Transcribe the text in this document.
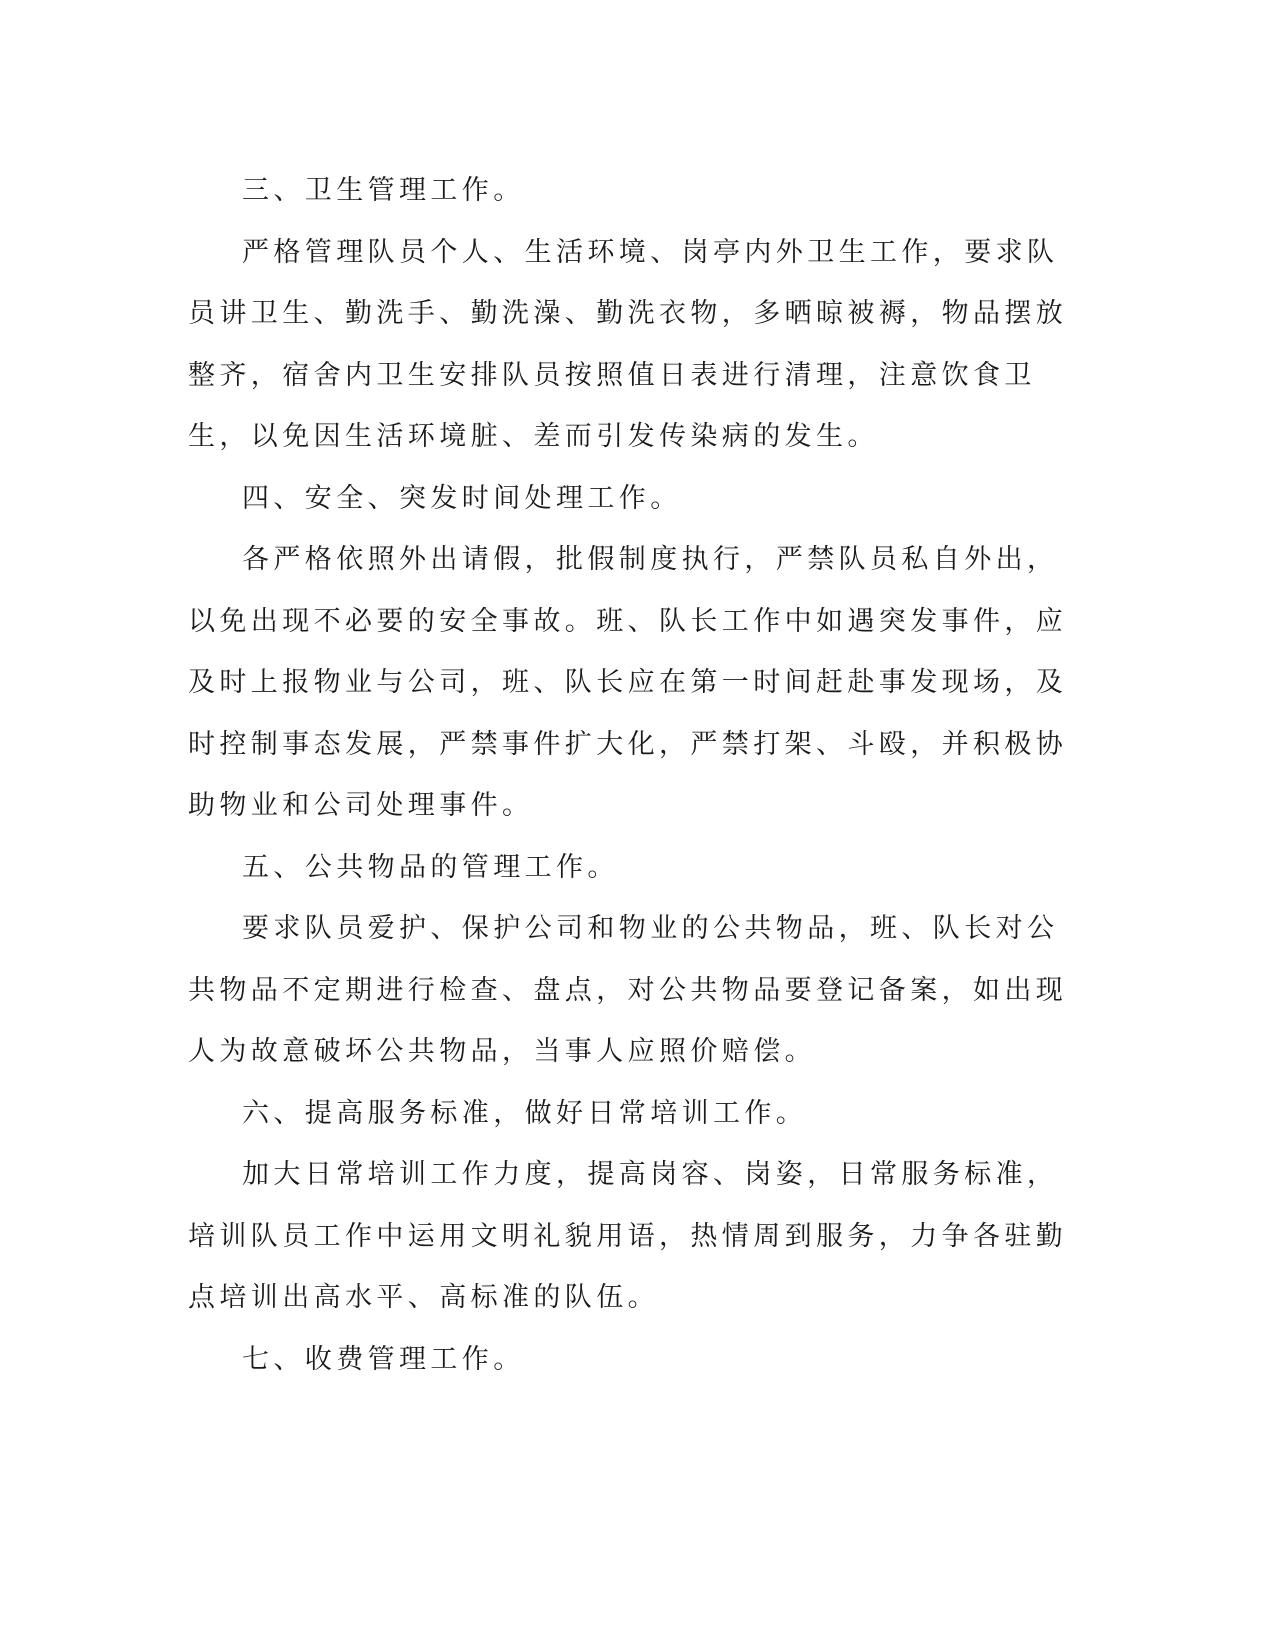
三、卫生管理工作。

严格管理队员个人、生活环境、岗亭内外卫生工作，要求队员讲卫生、勤洗手、勤洗澡、勤洗衣物，多晒晾被褥，物品摆放整齐，宿舍内卫生安排队员按照值日表进行清理，注意饮食卫生，以免因生活环境脏、差而引发传染病的发生。

四、安全、突发时间处理工作。

各严格依照外出请假，批假制度执行，严禁队员私自外出，以免出现不必要的安全事故。班、队长工作中如遇突发事件，应及时上报物业与公司，班、队长应在第一时间赶赴事发现场，及时控制事态发展，严禁事件扩大化，严禁打架、斗殴，并积极协助物业和公司处理事件。

五、公共物品的管理工作。

要求队员爱护、保护公司和物业的公共物品，班、队长对公共物品不定期进行检查、盘点，对公共物品要登记备案，如出现人为故意破坏公共物品，当事人应照价赔偿。

六、提高服务标准，做好日常培训工作。

加大日常培训工作力度，提高岗容、岗姿，日常服务标准，培训队员工作中运用文明礼貌用语，热情周到服务，力争各驻勤点培训出高水平、高标准的队伍。

七、收费管理工作。
